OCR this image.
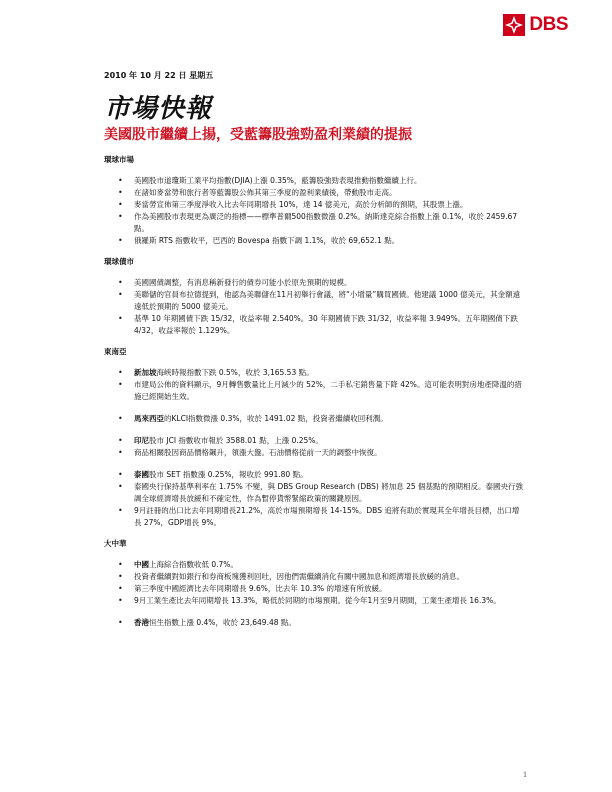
DBS
2010 年 10 月 22 日 星期五
市場快報
美國股市繼續上揚，受藍籌股強勁盈利業績的提振
環球市場
• 美國股市道瓊斯工業平均指數(DJIA)上漲 0.35%，藍籌股強勁表現推動指數繼續上行。
• 在諸如麥當勞和旅行者等藍籌股公佈其第三季度的盈利業績後，帶動股市走高。
• 麥當勞宣佈第三季度淨收入比去年同期增長 10%，達 14 億美元，高於分析師的預期，其股票上漲。
• 作為美國股市表現更為廣泛的指標——標準普爾500指數微漲 0.2%。納斯達克綜合指數上漲 0.1%，收於 2459.67 點。
• 俄羅斯 RTS 指數收平，巴西的 Bovespa 指數下調 1.1%，收於 69,652.1 點。
環球債市
• 美國國債調整，有消息稱新發行的債券可能小於原先預期的規模。
• 美聯儲的官員布拉德提到，他認為美聯儲在11月初舉行會議，將“小增量”購買國債。他建議 1000 億美元，其金額遠遠低於預期的 5000 億美元。
• 基準 10 年期國債下跌 15/32，收益率報 2.540%。30 年期國債下跌 31/32，收益率報 3.949%。五年期國債下跌 4/32，收益率報於 1.129%。
東南亞
• 新加坡海峽時報指數下跌 0.5%，收於 3,165.53 點。
• 市建局公佈的資料顯示，9月轉售數量比上月減少的 52%，二手私宅銷售量下降 42%。這可能表明對房地產降溫的措施已經開始生效。
• 馬來西亞的KLCI指數微漲 0.3%，收於 1491.02 點，投資者繼續收回利潤。
• 印尼股市 JCI 指數收市報於 3588.01 點，上漲 0.25%。
• 商品相關股因商品價格飆升，領漲大盤。石油價格從前一天的調整中恢復。
• 泰國股市 SET 指數漲 0.25%，報收於 991.80 點。
• 泰國央行保持基準利率在 1.75% 不變，與 DBS Group Research (DBS) 將加息 25 個基點的預期相反。泰國央行強調全球經濟增長放緩和不確定性，作為暫停貨幣緊縮政策的關鍵原因。
• 9月註冊的出口比去年同期增長21.2%，高於市場預期增長 14-15%。DBS 追將有助於實現其全年增長目標，出口增長 27%，GDP增長 9%。
大中華
• 中國上海綜合指數收低 0.7%。
• 投資者繼續對如銀行和券商板塊獲利回吐，因他們需繼續消化有關中國加息和經濟增長放緩的消息。
• 第三季度中國經濟比去年同期增長 9.6%，比去年 10.3% 的增速有所放緩。
• 9月工業生產比去年同期增長 13.3%，略低於同期的市場預期。從今年1月至9月期間，工業生產增長 16.3%。
• 香港恒生指數上漲 0.4%，收於 23,649.48 點。
1
